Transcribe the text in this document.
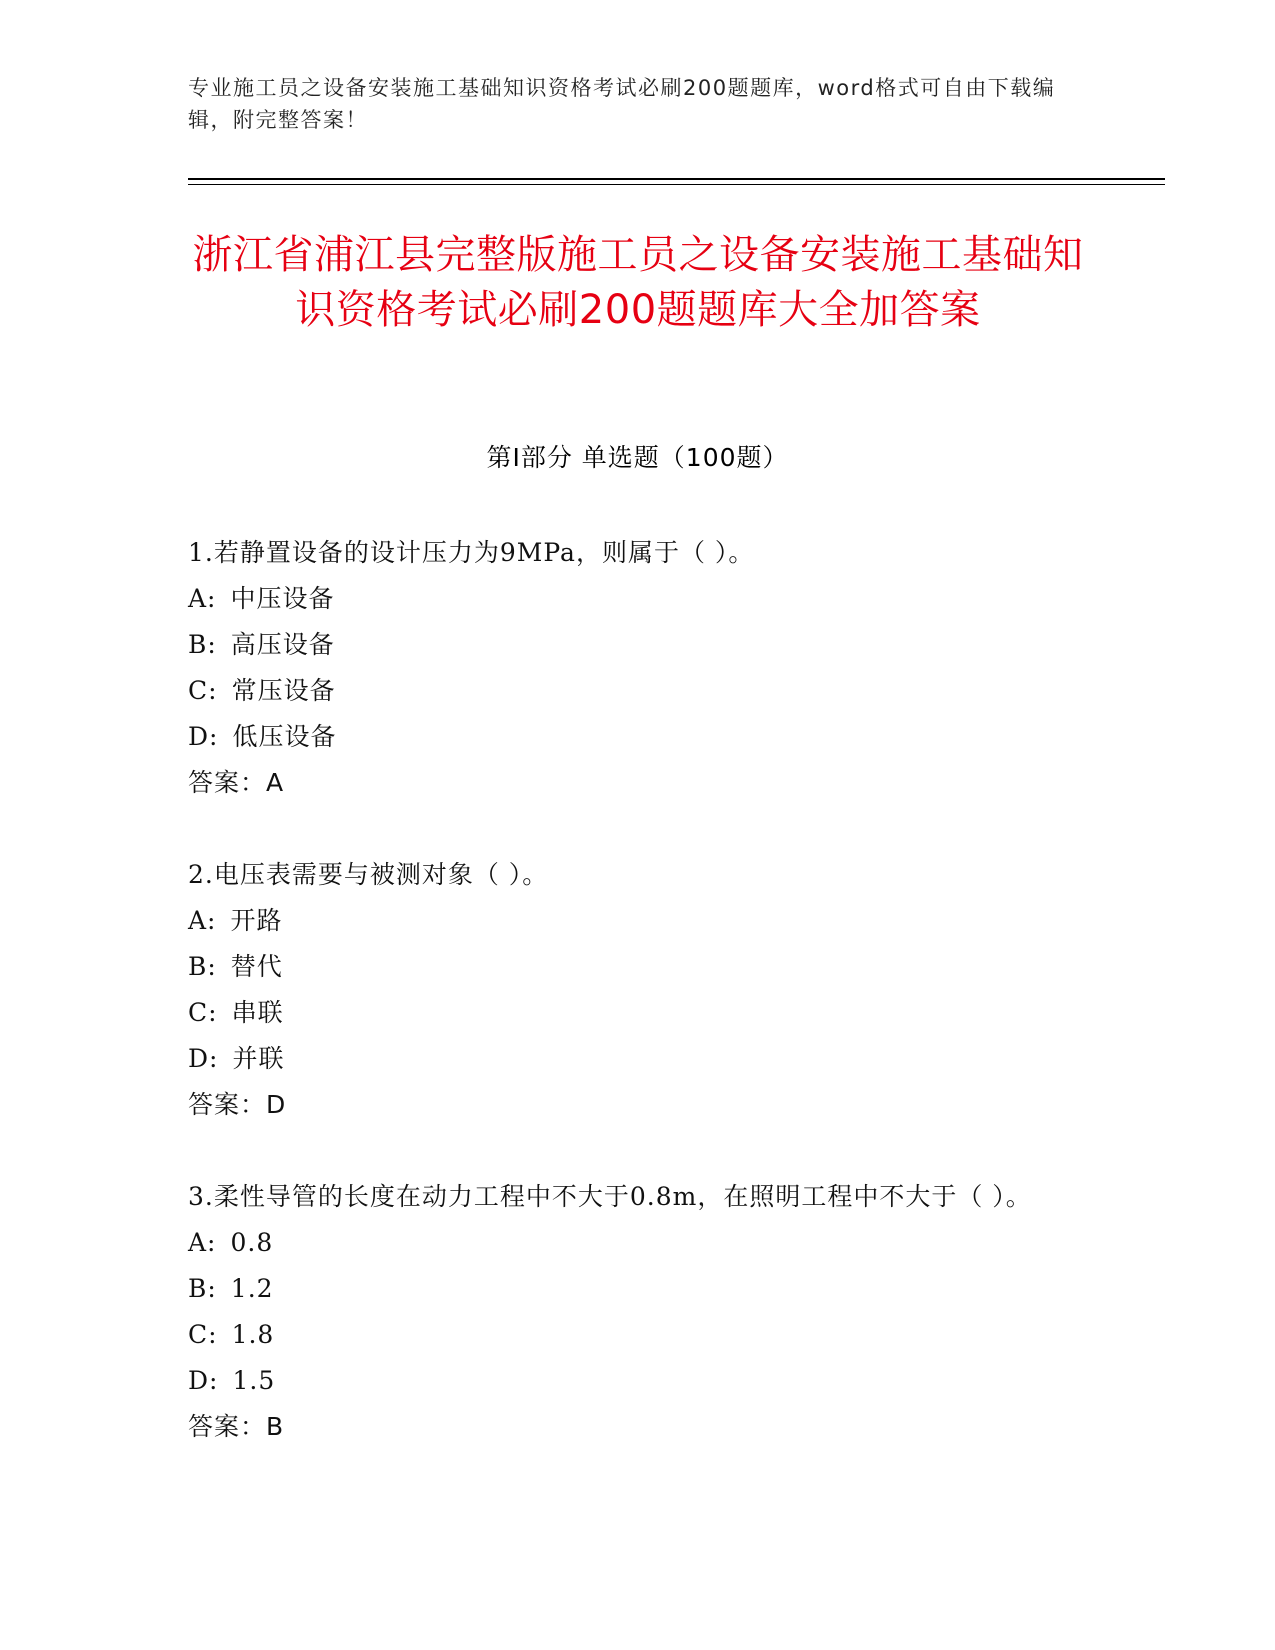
专业施工员之设备安装施工基础知识资格考试必刷200题题库，word格式可自由下载编辑，附完整答案！
浙江省浦江县完整版施工员之设备安装施工基础知识资格考试必刷200题题库大全加答案
第Ⅰ部分 单选题（100题）

1.若静置设备的设计压力为9MPa，则属于（ ）。

A: 中压设备

B: 高压设备

C: 常压设备

D: 低压设备

答案：A

2.电压表需要与被测对象（ ）。

A: 开路

B: 替代

C: 串联

D: 并联

答案：D

3.柔性导管的长度在动力工程中不大于0.8m，在照明工程中不大于（ ）。

A: 0.8

B: 1.2

C: 1.8

D: 1.5

答案：B
